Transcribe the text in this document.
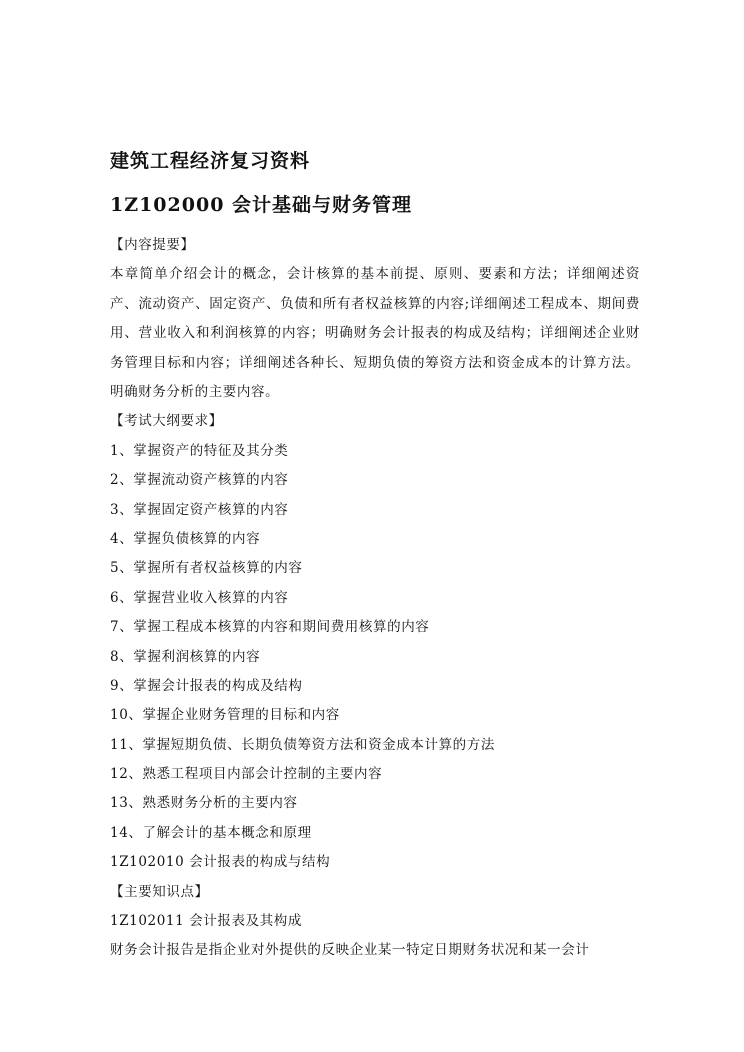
建筑工程经济复习资料
1Z102000 会计基础与财务管理
【内容提要】
本章简单介绍会计的概念，会计核算的基本前提、原则、要素和方法；详细阐述资产、流动资产、固定资产、负债和所有者权益核算的内容;详细阐述工程成本、期间费用、营业收入和利润核算的内容；明确财务会计报表的构成及结构；详细阐述企业财务管理目标和内容；详细阐述各种长、短期负债的筹资方法和资金成本的计算方法。明确财务分析的主要内容。
【考试大纲要求】
1、掌握资产的特征及其分类
2、掌握流动资产核算的内容
3、掌握固定资产核算的内容
4、掌握负债核算的内容
5、掌握所有者权益核算的内容
6、掌握营业收入核算的内容
7、掌握工程成本核算的内容和期间费用核算的内容
8、掌握利润核算的内容
9、掌握会计报表的构成及结构
10、掌握企业财务管理的目标和内容
11、掌握短期负债、长期负债筹资方法和资金成本计算的方法
12、熟悉工程项目内部会计控制的主要内容
13、熟悉财务分析的主要内容
14、了解会计的基本概念和原理
1Z102010 会计报表的构成与结构
【主要知识点】
1Z102011 会计报表及其构成
财务会计报告是指企业对外提供的反映企业某一特定日期财务状况和某一会计
